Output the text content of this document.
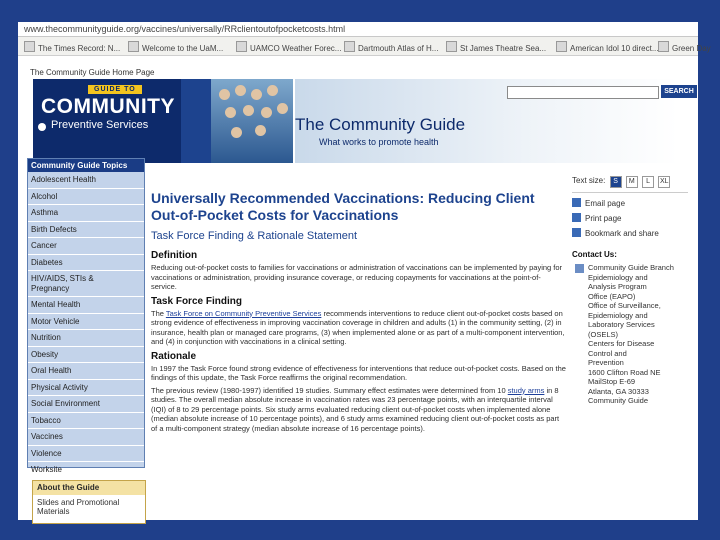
www.thecommunityguide.org/vaccines/universally/RRclientoutofpocketcosts.html
The Times Record: N...	Welcome to the UaM...	UAMCO Weather Forec...	Dartmouth Atlas of H...	St James Theatre Sea...	American Idol 10 direct...	Green Day
The Community Guide Home Page
GUIDE TO
COMMUNITY
Preventive Services
SEARCH
The Community Guide
What works to promote health
Community Guide Topics
Adolescent Health
Alcohol
Asthma
Birth Defects
Cancer
Diabetes
HIV/AIDS, STIs &
Pregnancy
Mental Health
Motor Vehicle
Nutrition
Obesity
Oral Health
Physical Activity
Social Environment
Tobacco
Vaccines
Violence
Worksite
About the Guide
Slides and Promotional Materials
Universally Recommended Vaccinations: Reducing Client Out-of-Pocket Costs for Vaccinations
Task Force Finding & Rationale Statement
Definition

Reducing out-of-pocket costs to families for vaccinations or administration of vaccinations can be implemented by paying for vaccinations or administration, providing insurance coverage, or reducing copayments for vaccinations at the point-of-service.

Task Force Finding

The Task Force on Community Preventive Services recommends interventions to reduce client out-of-pocket costs based on strong evidence of effectiveness in improving vaccination coverage in children and adults (1) in the community setting, (2) in insurance, health plan or managed care programs, (3) when implemented alone or as part of a multi-component intervention, and (4) in conjunction with vaccinations in a clinical setting.

Rationale

In 1997 the Task Force found strong evidence of effectiveness for interventions that reduce out-of-pocket costs. Based on the findings of this update, the Task Force reaffirms the original recommendation.

The previous review (1980-1997) identified 19 studies. Summary effect estimates were determined from 10 study arms in 8 studies. The overall median absolute increase in vaccination rates was 23 percentage points, with an interquartile interval (IQI) of 8 to 29 percentage points. Six study arms evaluated reducing client out-of-pocket costs when implemented alone (median absolute increase of 10 percentage points), and 6 study arms examined reducing client out-of-pocket costs as part of a multi-component strategy (median absolute increase of 16 percentage points).

Text size: S M L XL
Email page
Print page
Bookmark and share
Contact Us:
Community Guide Branch
Epidemiology and
Analysis Program
Office (EAPO)
Office of Surveillance,
Epidemiology and
Laboratory Services
(OSELS)
Centers for Disease
Control and
Prevention
1600 Clifton Road NE
MailStop E-69
Atlanta, GA 30333
Community Guide
